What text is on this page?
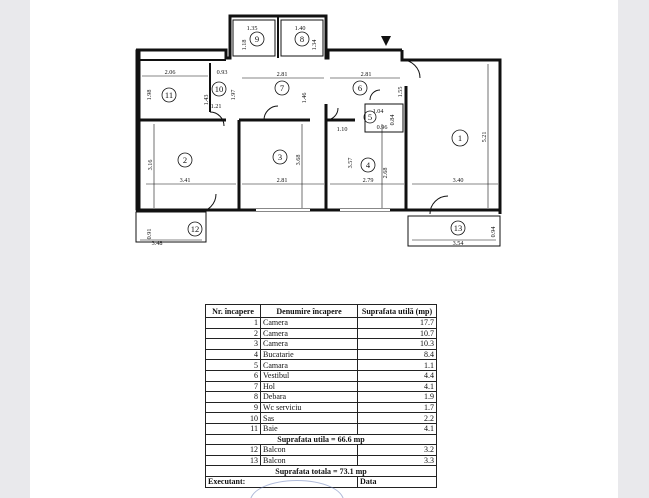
1
2	3
4
5
6
7
8
9
10
11
12	13
1.35	1.40
2.06	0.93	2.81	2.81
1.21
1.04
0.96
1.10
3.41	2.81	2.79	3.40
3.48	3.54
1.18	1.34
1.98	1.43	1.97	1.46
1.55
0.84
5.21
3.16	3.68	3.57
2.68
0.91	0.94
Nr. încapere	Denumire încapere	Suprafata utilă (mp)
1	Camera	17.7
2	Camera	10.7
3	Camera	10.3
4	Bucatarie	8.4
5	Camara	1.1
6	Vestibul	4.4
7	Hol	4.1
8	Debara	1.9
9	Wc serviciu	1.7
10	Sas	2.2
11	Baie	4.1
Suprafata utila = 66.6 mp		
12	Balcon	3.2
13	Balcon	3.3
Suprafata totala = 73.1 mp		
Executant:		Data
